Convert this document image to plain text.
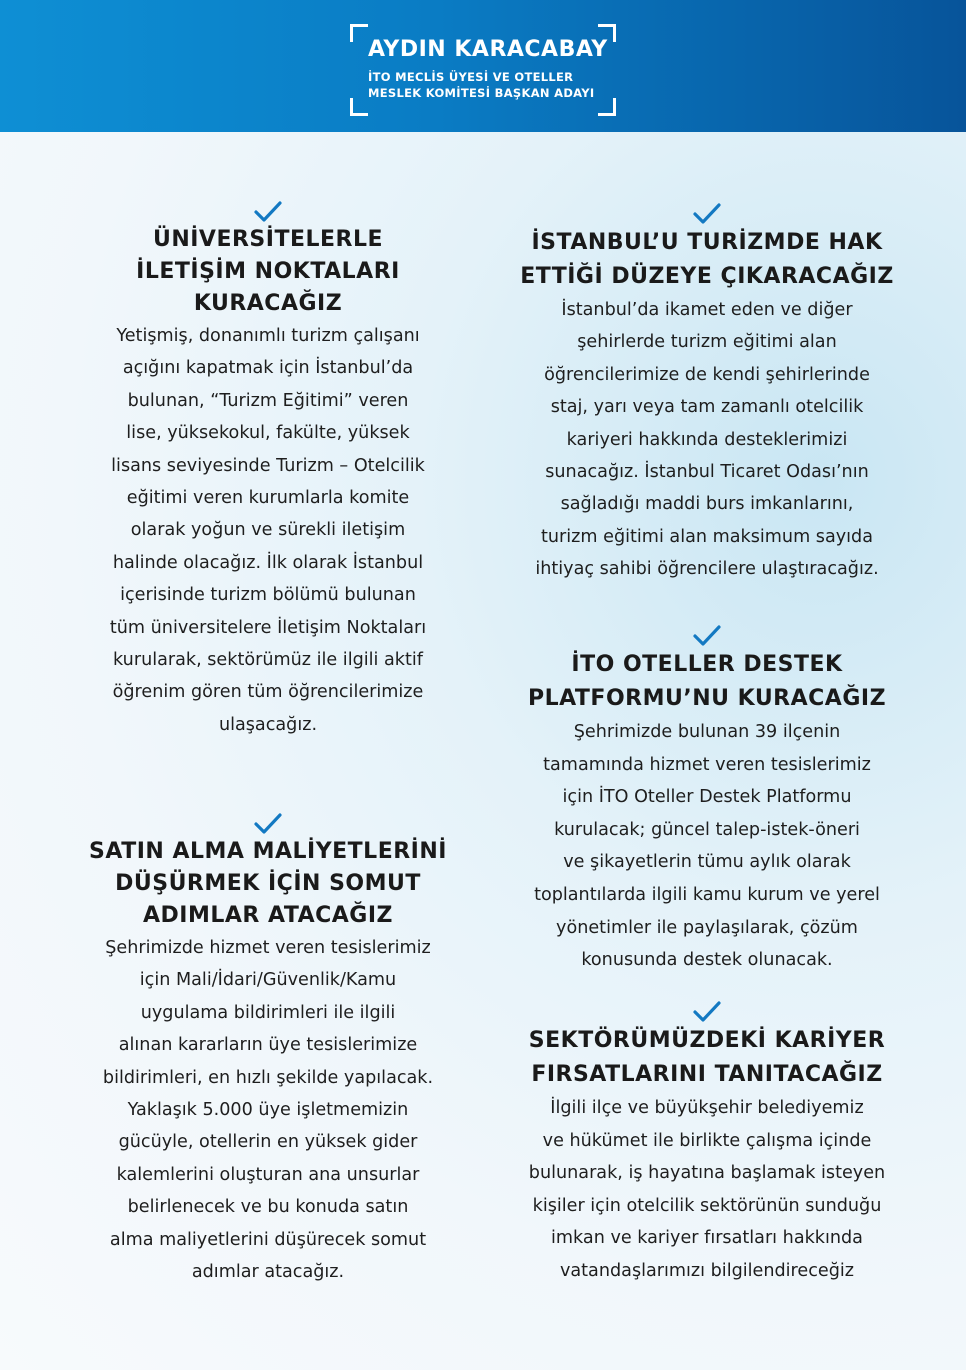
AYDIN KARACABAY
İTO MECLİS ÜYESİ VE OTELLER
MESLEK KOMİTESİ BAŞKAN ADAYI
ÜNİVERSİTELERLE
İLETİŞİM NOKTALARI
KURACAĞIZ
Yetişmiş, donanımlı turizm çalışanı
açığını kapatmak için İstanbul’da
bulunan, “Turizm Eğitimi” veren
lise, yüksekokul, fakülte, yüksek
lisans seviyesinde Turizm – Otelcilik
eğitimi veren kurumlarla komite
olarak yoğun ve sürekli iletişim
halinde olacağız. İlk olarak İstanbul
içerisinde turizm bölümü bulunan
tüm üniversitelere İletişim Noktaları
kurularak, sektörümüz ile ilgili aktif
öğrenim gören tüm öğrencilerimize
ulaşacağız.
İSTANBUL’U TURİZMDE HAK
ETTİĞİ DÜZEYE ÇIKARACAĞIZ
İstanbul’da ikamet eden ve diğer
şehirlerde turizm eğitimi alan
öğrencilerimize de kendi şehirlerinde
staj, yarı veya tam zamanlı otelcilik
kariyeri hakkında desteklerimizi
sunacağız. İstanbul Ticaret Odası’nın
sağladığı maddi burs imkanlarını,
turizm eğitimi alan maksimum sayıda
ihtiyaç sahibi öğrencilere ulaştıracağız.
İTO OTELLER DESTEK
PLATFORMU’NU KURACAĞIZ
Şehrimizde bulunan 39 ilçenin
tamamında hizmet veren tesislerimiz
için İTO Oteller Destek Platformu
kurulacak; güncel talep-istek-öneri
ve şikayetlerin tümu aylık olarak
toplantılarda ilgili kamu kurum ve yerel
yönetimler ile paylaşılarak, çözüm
konusunda destek olunacak.
SATIN ALMA MALİYETLERİNİ
DÜŞÜRMEK İÇİN SOMUT
ADIMLAR ATACAĞIZ
Şehrimizde hizmet veren tesislerimiz
için Mali/İdari/Güvenlik/Kamu
uygulama bildirimleri ile ilgili
alınan kararların üye tesislerimize
bildirimleri, en hızlı şekilde yapılacak.
Yaklaşık 5.000 üye işletmemizin
gücüyle, otellerin en yüksek gider
kalemlerini oluşturan ana unsurlar
belirlenecek ve bu konuda satın
alma maliyetlerini düşürecek somut
adımlar atacağız.
SEKTÖRÜMÜZDEKİ KARİYER
FIRSATLARINI TANITACAĞIZ
İlgili ilçe ve büyükşehir belediyemiz
ve hükümet ile birlikte çalışma içinde
bulunarak, iş hayatına başlamak isteyen
kişiler için otelcilik sektörünün sunduğu
imkan ve kariyer fırsatları hakkında
vatandaşlarımızı bilgilendireceğiz
